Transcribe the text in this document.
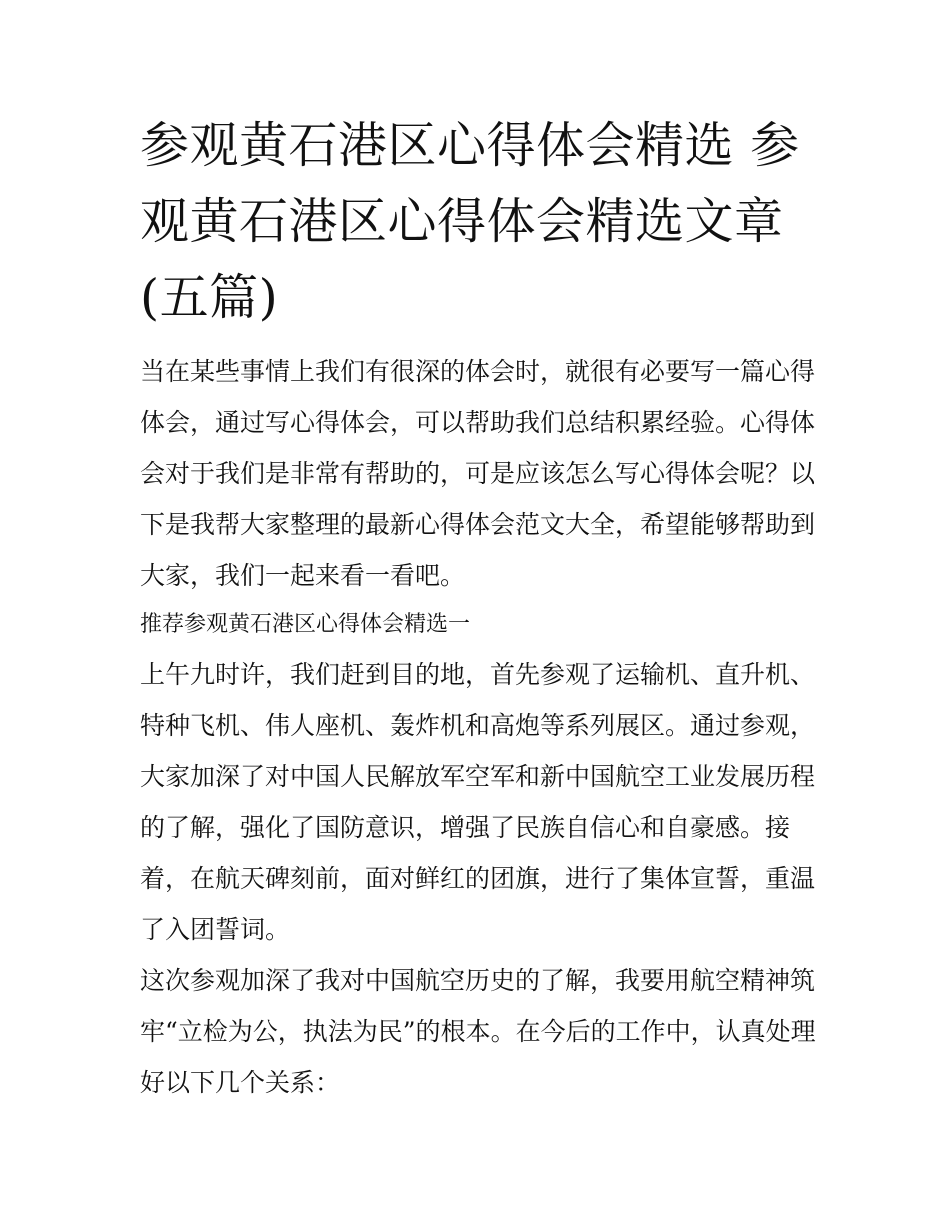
参观黄石港区心得体会精选 参观黄石港区心得体会精选文章(五篇)

当在某些事情上我们有很深的体会时，就很有必要写一篇心得体会，通过写心得体会，可以帮助我们总结积累经验。心得体会对于我们是非常有帮助的，可是应该怎么写心得体会呢？以下是我帮大家整理的最新心得体会范文大全，希望能够帮助到大家，我们一起来看一看吧。

推荐参观黄石港区心得体会精选一

上午九时许，我们赶到目的地，首先参观了运输机、直升机、特种飞机、伟人座机、轰炸机和高炮等系列展区。通过参观，大家加深了对中国人民解放军空军和新中国航空工业发展历程的了解，强化了国防意识，增强了民族自信心和自豪感。接着，在航天碑刻前，面对鲜红的团旗，进行了集体宣誓，重温了入团誓词。

这次参观加深了我对中国航空历史的了解，我要用航空精神筑牢“立检为公，执法为民”的根本。在今后的工作中，认真处理好以下几个关系：
